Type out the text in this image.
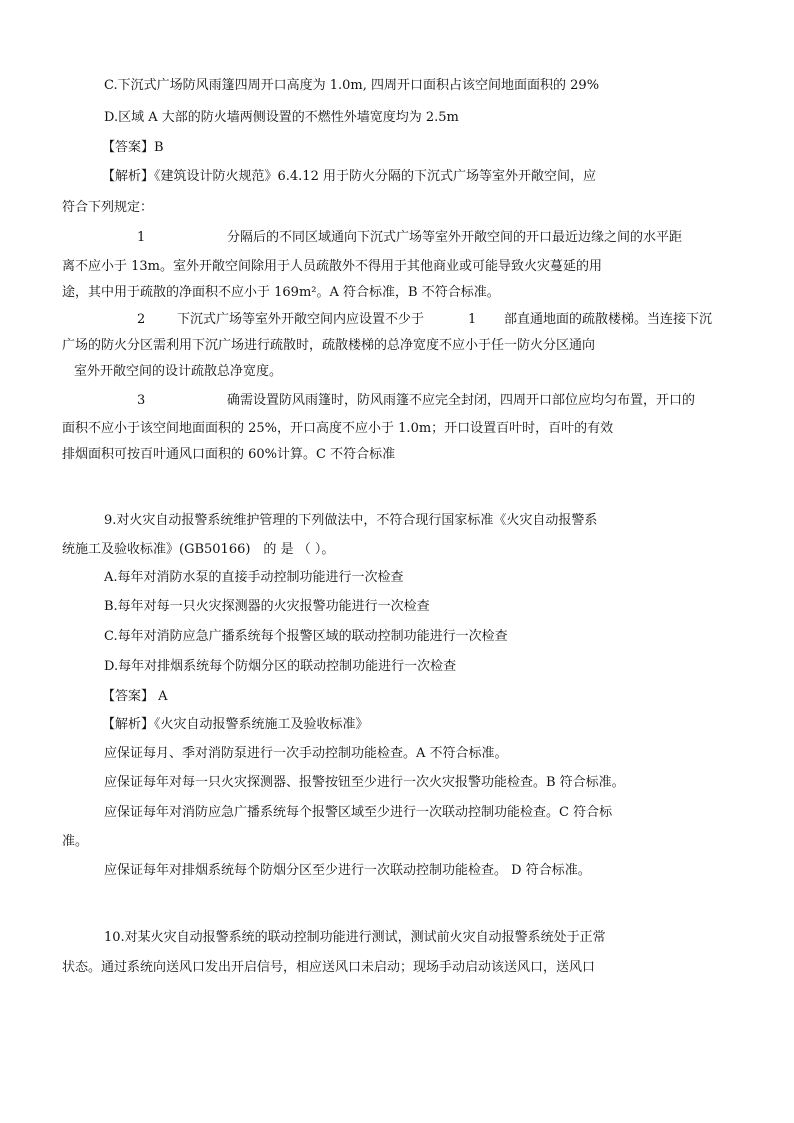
C.下沉式广场防风雨篷四周开口高度为 1.0m, 四周开口面积占该空间地面面积的 29%
D.区域 A 大部的防火墙两侧设置的不燃性外墙宽度均为 2.5m
【答案】B
【解析】《建筑设计防火规范》6.4.12 用于防火分隔的下沉式广场等室外开敞空间，应
符合下列规定：
1	分隔后的不同区域通向下沉式广场等室外开敞空间的开口最近边缘之间的水平距
离不应小于 13m。室外开敞空间除用于人员疏散外不得用于其他商业或可能导致火灾蔓延的用
途，其中用于疏散的净面积不应小于 169m²。A 符合标准，B 不符合标准。
2 下沉式广场等室外开敞空间内应设置不少于	1 部直通地面的疏散楼梯。当连接下沉
广场的防火分区需利用下沉广场进行疏散时，疏散楼梯的总净宽度不应小于任一防火分区通向
室外开敞空间的设计疏散总净宽度。
3	确需设置防风雨篷时，防风雨篷不应完全封闭，四周开口部位应均匀布置，开口的
面积不应小于该空间地面面积的 25%，开口高度不应小于 1.0m；开口设置百叶时，百叶的有效
排烟面积可按百叶通风口面积的 60%计算。C 不符合标准
9.对火灾自动报警系统维护管理的下列做法中，不符合现行国家标准《火灾自动报警系
统施工及验收标准》(GB50166)　的 是 （ ）。
A.每年对消防水泵的直接手动控制功能进行一次检查
B.每年对每一只火灾探测器的火灾报警功能进行一次检查
C.每年对消防应急广播系统每个报警区域的联动控制功能进行一次检查
D.每年对排烟系统每个防烟分区的联动控制功能进行一次检查
【答案】 A
【解析】《火灾自动报警系统施工及验收标准》
应保证每月、季对消防泵进行一次手动控制功能检查。A 不符合标准。
应保证每年对每一只火灾探测器、报警按钮至少进行一次火灾报警功能检查。B 符合标准。
应保证每年对消防应急广播系统每个报警区域至少进行一次联动控制功能检查。C 符合标
准。
应保证每年对排烟系统每个防烟分区至少进行一次联动控制功能检查。 D 符合标准。
10.对某火灾自动报警系统的联动控制功能进行测试，测试前火灾自动报警系统处于正常
状态。通过系统向送风口发出开启信号，相应送风口未启动；现场手动启动该送风口，送风口
